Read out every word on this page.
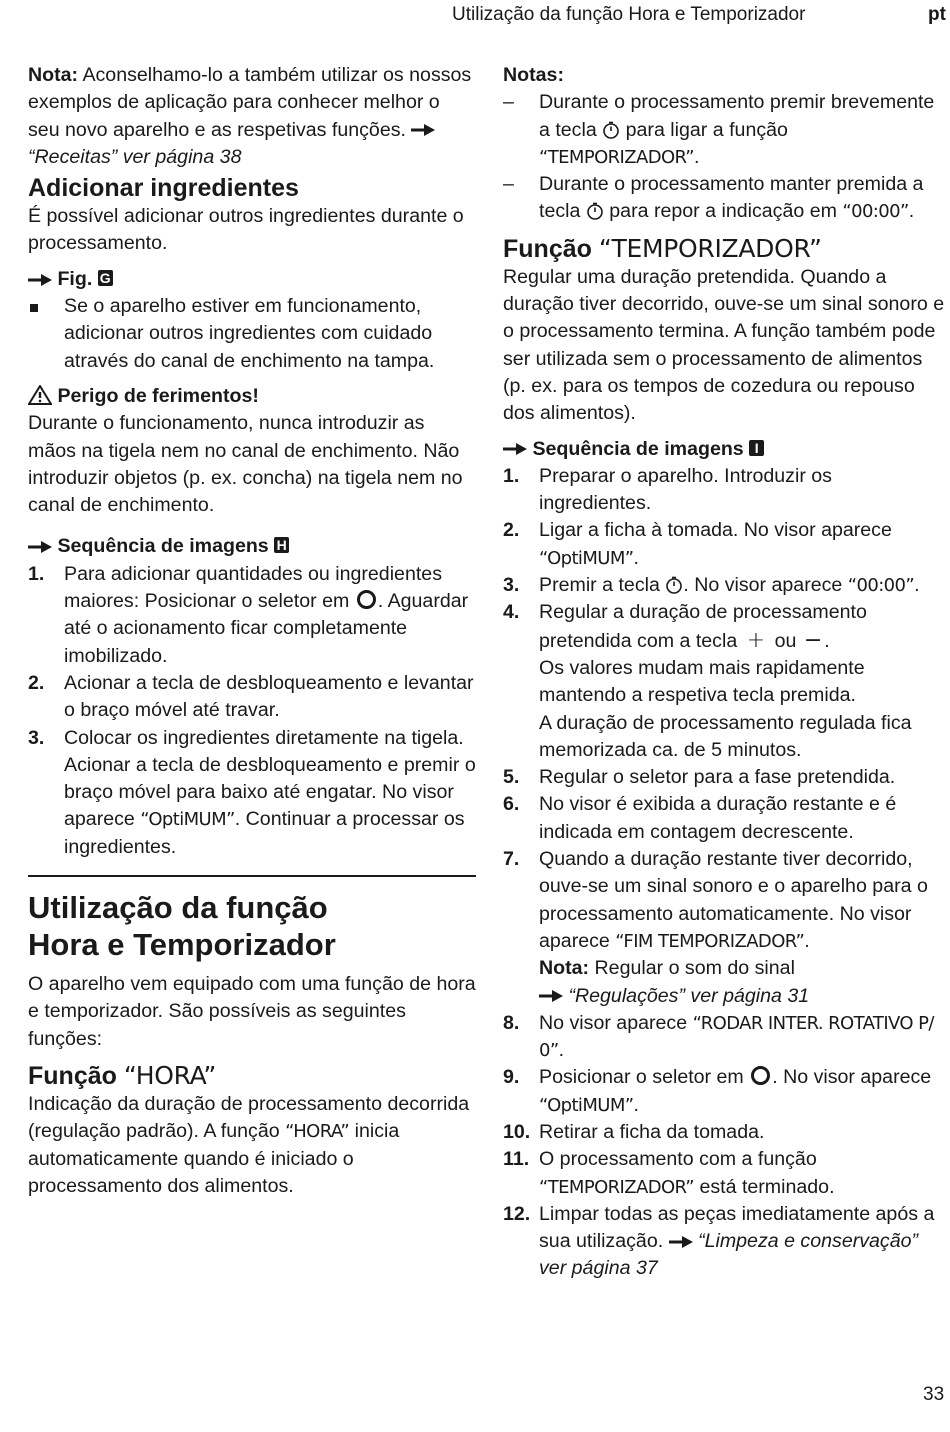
Utilização da função Hora e Temporizador	pt

Nota: Aconselhamo-lo a também utilizar os nossos exemplos de aplicação para conhecer melhor o seu novo aparelho e as respetivas funções.  “Receitas” ver página 38

Adicionar ingredientes

É possível adicionar outros ingredientes durante o processamento.

Fig. G

Se o aparelho estiver em funcionamento, adicionar outros ingredientes com cuidado através do canal de enchimento na tampa.

Perigo de ferimentos!

Durante o funcionamento, nunca introduzir as mãos na tigela nem no canal de enchimento. Não introduzir objetos (p. ex. concha) na tigela nem no canal de enchimento.

Sequência de imagens H

1. Para adicionar quantidades ou ingredientes maiores: Posicionar o seletor em . Aguardar até o acionamento ficar completamente imobilizado.
2. Acionar a tecla de desbloqueamento e levantar o braço móvel até travar.
3. Colocar os ingredientes diretamente na tigela. Acionar a tecla de desbloqueamento e premir o braço móvel para baixo até engatar. No visor aparece “OptiMUM”. Continuar a processar os ingredientes.
Utilização da função
Hora e Temporizador

O aparelho vem equipado com uma função de hora e temporizador. São possíveis as seguintes funções:

Função “HORA”

Indicação da duração de processamento decorrida (regulação padrão). A função “HORA” inicia automaticamente quando é iniciado o processamento dos alimentos.

Notas:

– Durante o processamento premir brevemente a tecla  para ligar a função “TEMPORIZADOR”.
– Durante o processamento manter premida a tecla  para repor a indicação em “00:00”.
Função “TEMPORIZADOR”

Regular uma duração pretendida. Quando a duração tiver decorrido, ouve-se um sinal sonoro e o processamento termina. A função também pode ser utilizada sem o processamento de alimentos (p. ex. para os tempos de cozedura ou repouso dos alimentos).

Sequência de imagens I

1. Preparar o aparelho. Introduzir os ingredientes.
2. Ligar a ficha à tomada. No visor aparece “OptiMUM”.
3. Premir a tecla . No visor aparece “00:00”.
4. Regular a duração de processamento pretendida com a tecla + ou − .
Os valores mudam mais rapidamente mantendo a respetiva tecla premida.
A duração de processamento regulada fica memorizada ca. de 5 minutos.
5. Regular o seletor para a fase pretendida.
6. No visor é exibida a duração restante e é indicada em contagem decrescente.
7. Quando a duração restante tiver decorrido, ouve-se um sinal sonoro e o aparelho para o processamento automaticamente. No visor aparece “FIM TEMPORIZADOR”.
Nota: Regular o som do sinal
“Regulações” ver página 31
8. No visor aparece “RODAR INTER. ROTATIVO P/ 0”.
9. Posicionar o seletor em . No visor aparece “OptiMUM”.
10. Retirar a ficha da tomada.
11. O processamento com a função “TEMPORIZADOR” está terminado.
12. Limpar todas as peças imediatamente após a sua utilização.  “Limpeza e conservação” ver página 37
33
